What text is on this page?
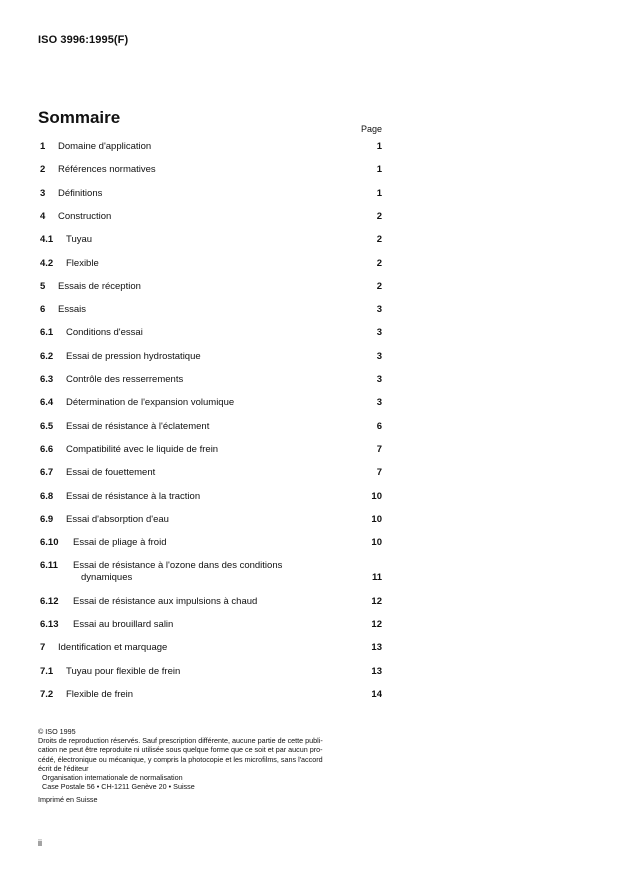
ISO 3996:1995(F)
Sommaire
Page
1 Domaine d'application	1
2 Références normatives	1
3 Définitions	1
4 Construction	2
4.1 Tuyau	2
4.2 Flexible	2
5 Essais de réception	2
6 Essais	3
6.1 Conditions d'essai	3
6.2 Essai de pression hydrostatique	3
6.3 Contrôle des resserrements	3
6.4 Détermination de l'expansion volumique	3
6.5 Essai de résistance à l'éclatement	6
6.6 Compatibilité avec le liquide de frein	7
6.7 Essai de fouettement	7
6.8 Essai de résistance à la traction	10
6.9 Essai d'absorption d'eau	10
6.10 Essai de pliage à froid	10
6.11 Essai de résistance à l'ozone dans des conditions
dynamiques	11
6.12 Essai de résistance aux impulsions à chaud	12
6.13 Essai au brouillard salin	12
7 Identification et marquage	13
7.1 Tuyau pour flexible de frein	13
7.2 Flexible de frein	14

© ISO 1995

Droits de reproduction réservés. Sauf prescription différente, aucune partie de cette publi-

cation ne peut être reproduite ni utilisée sous quelque forme que ce soit et par aucun pro-

cédé, électronique ou mécanique, y compris la photocopie et les microfilms, sans l'accord

écrit de l'éditeur

Organisation internationale de normalisation

Case Postale 56 • CH-1211 Genève 20 • Suisse

Imprimé en Suisse

ii
